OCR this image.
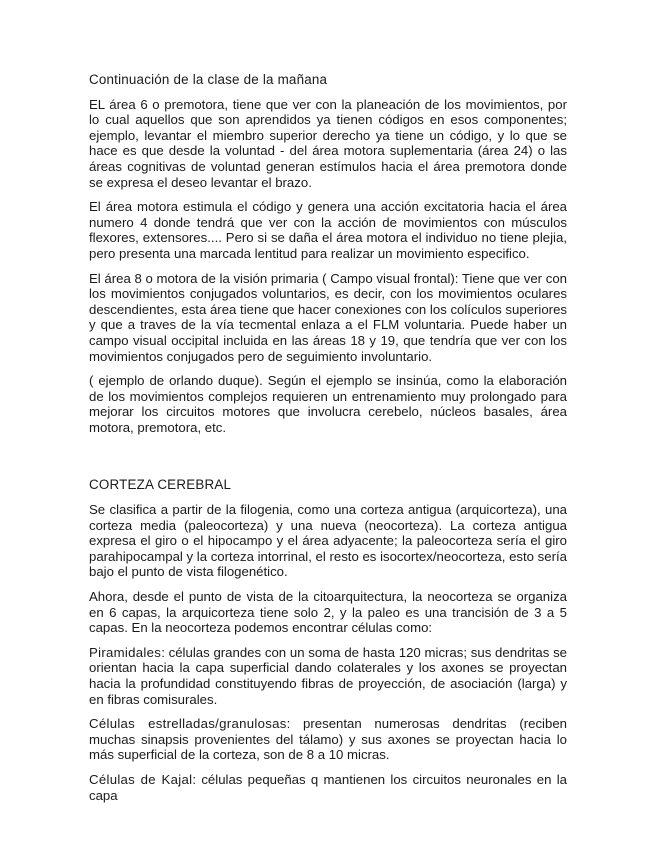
Continuación de la clase de la mañana

EL área 6 o premotora, tiene que ver con la planeación de los movimientos, por lo cual aquellos que son aprendidos ya tienen códigos en esos componentes; ejemplo, levantar el miembro superior derecho ya tiene un código, y lo que se hace es que desde la voluntad - del área motora suplementaria (área 24) o las áreas cognitivas de voluntad generan estímulos hacia el área premotora donde se expresa el deseo levantar el brazo.

El área motora estimula el código y genera una acción excitatoria hacia el área numero 4 donde tendrá que ver con la acción de movimientos con músculos flexores, extensores.... Pero si se daña el área motora el individuo no tiene plejia, pero presenta una marcada lentitud para realizar un movimiento especifico.

El área 8 o motora de la visión primaria ( Campo visual frontal): Tiene que ver con los movimientos conjugados voluntarios, es decir, con los movimientos oculares descendientes, esta área tiene que hacer conexiones con los colículos superiores y que a traves de la vía tecmental enlaza a el FLM voluntaria. Puede haber un campo visual occipital incluida en las áreas 18 y 19, que tendría que ver con los movimientos conjugados pero de seguimiento involuntario.

( ejemplo de orlando duque). Según el ejemplo se insinúa, como la elaboración de los movimientos complejos requieren un entrenamiento muy prolongado para mejorar los circuitos motores que involucra cerebelo, núcleos basales, área motora, premotora, etc.

CORTEZA CEREBRAL

Se clasifica a partir de la filogenia, como una corteza antigua (arquicorteza), una corteza media (paleocorteza) y una nueva (neocorteza). La corteza antigua expresa el giro o el hipocampo y el área adyacente; la paleocorteza sería el giro parahipocampal y la corteza intorrinal, el resto es isocortex/neocorteza, esto sería bajo el punto de vista filogenético.

Ahora, desde el punto de vista de la citoarquitectura, la neocorteza se organiza en 6 capas, la arquicorteza tiene solo 2, y la paleo es una trancisión de 3 a 5 capas. En la neocorteza podemos encontrar células como:

Piramidales: células grandes con un soma de hasta 120 micras; sus dendritas se orientan hacia la capa superficial dando colaterales y los axones se proyectan hacia la profundidad constituyendo fibras de proyección, de asociación (larga) y en fibras comisurales.

Células estrelladas/granulosas: presentan numerosas dendritas (reciben muchas sinapsis provenientes del tálamo) y sus axones se proyectan hacia lo más superficial de la corteza, son de 8 a 10 micras.

Células de Kajal: células pequeñas q mantienen los circuitos neuronales en la capa
